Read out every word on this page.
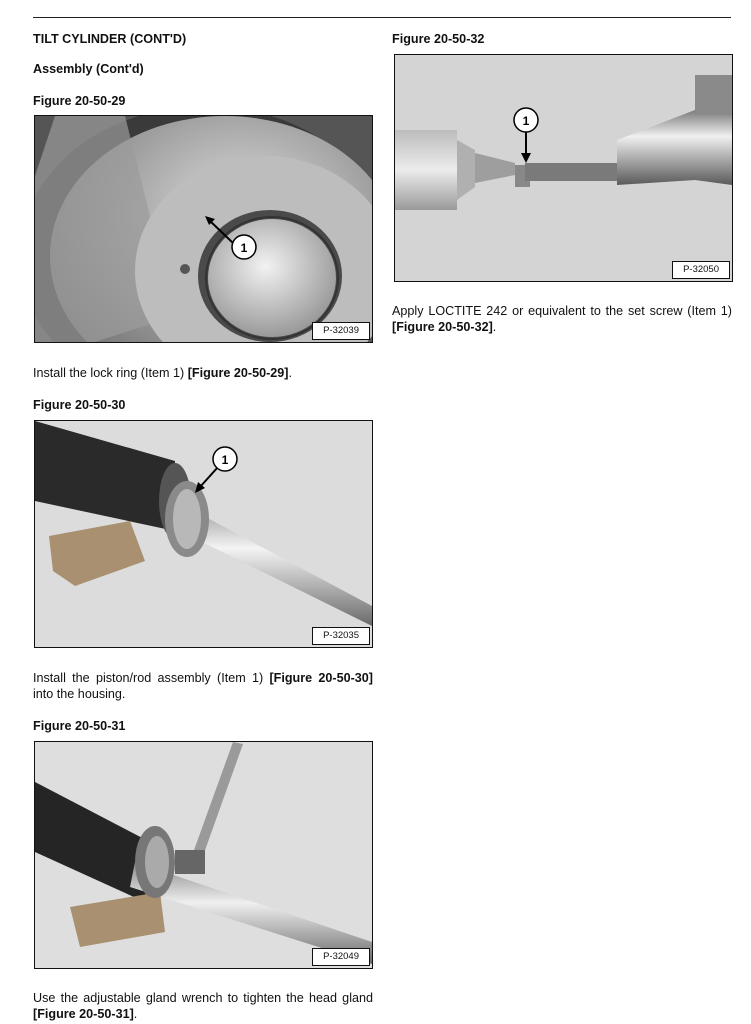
TILT CYLINDER (CONT'D)
Assembly (Cont'd)
Figure 20-50-29
1
P-32039
Install the lock ring (Item 1) [Figure 20-50-29].
Figure 20-50-30
1
P-32035
Install the piston/rod assembly (Item 1) [Figure 20-50-30] into the housing.
Figure 20-50-31
P-32049
Use the adjustable gland wrench to tighten the head gland [Figure 20-50-31].
Figure 20-50-32
1
P-32050
Apply LOCTITE 242 or equivalent to the set screw (Item 1) [Figure 20-50-32].
